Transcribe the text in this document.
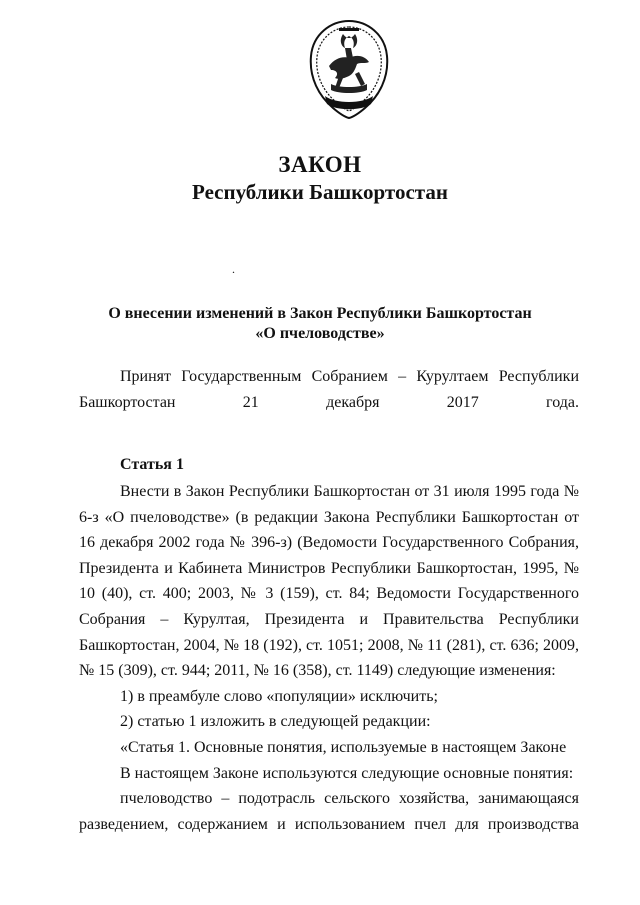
ЗАКОН
Республики Башкортостан
.
О внесении изменений в Закон Республики Башкортостан
«О пчеловодстве»

Принят Государственным Собранием – Курултаем Республики Башкортостан 21 декабря 2017 года.

Статья 1

Внести в Закон Республики Башкортостан от 31 июля 1995 года № 6-з «О пчеловодстве» (в редакции Закона Республики Башкортостан от 16 декабря 2002 года № 396-з) (Ведомости Государственного Собрания, Президента и Кабинета Министров Республики Башкортостан, 1995, № 10 (40), ст. 400; 2003, № 3 (159), ст. 84; Ведомости Государственного Собрания – Курултая, Президента и Правительства Республики Башкортостан, 2004, № 18 (192), ст. 1051; 2008, № 11 (281), ст. 636; 2009, № 15 (309), ст. 944; 2011, № 16 (358), ст. 1149) следующие изменения:

1) в преамбуле слово «популяции» исключить;

2) статью 1 изложить в следующей редакции:

«Статья 1. Основные понятия, используемые в настоящем Законе

В настоящем Законе используются следующие основные понятия:

пчеловодство – подотрасль сельского хозяйства, занимающаяся разведением, содержанием и использованием пчел для производства
